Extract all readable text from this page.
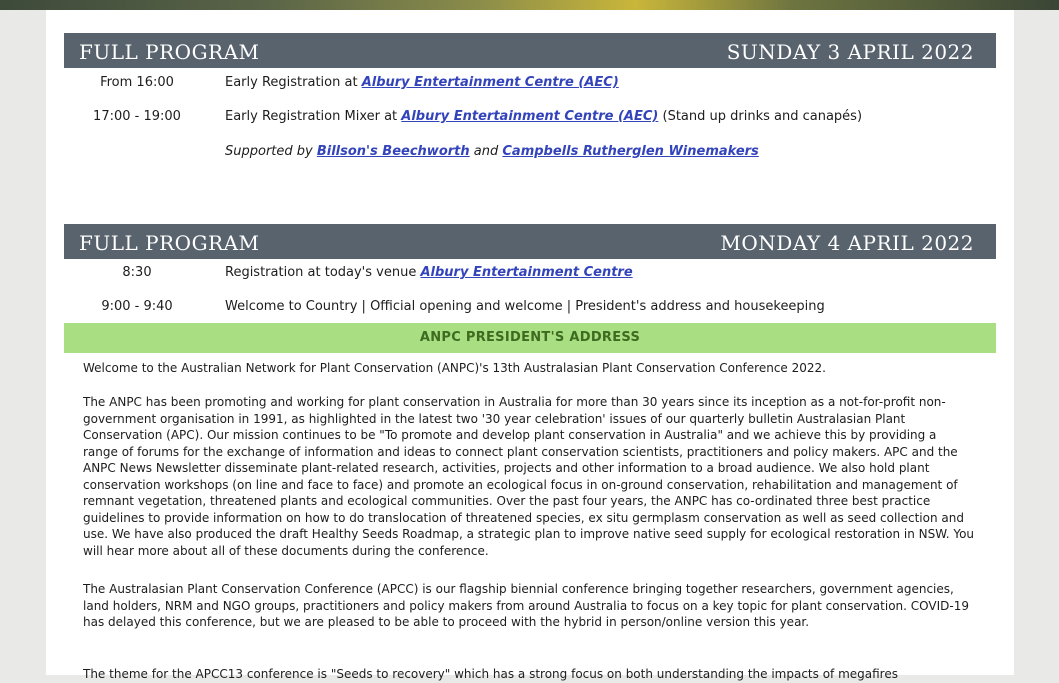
FULL PROGRAM	SUNDAY 3 APRIL 2022
From 16:00	Early Registration at Albury Entertainment Centre (AEC)
17:00 - 19:00	Early Registration Mixer at Albury Entertainment Centre (AEC) (Stand up drinks and canapés)
Supported by Billson's Beechworth and Campbells Rutherglen Winemakers
FULL PROGRAM	MONDAY 4 APRIL 2022
8:30	Registration at today's venue Albury Entertainment Centre
9:00 - 9:40	Welcome to Country | Official opening and welcome | President's address and housekeeping
ANPC PRESIDENT'S ADDRESS

Welcome to the Australian Network for Plant Conservation (ANPC)'s 13th Australasian Plant Conservation Conference 2022.

The ANPC has been promoting and working for plant conservation in Australia for more than 30 years since its inception as a not-for-profit non-government organisation in 1991, as highlighted in the latest two '30 year celebration' issues of our quarterly bulletin Australasian Plant Conservation (APC). Our mission continues to be "To promote and develop plant conservation in Australia" and we achieve this by providing a range of forums for the exchange of information and ideas to connect plant conservation scientists, practitioners and policy makers. APC and the ANPC News Newsletter disseminate plant-related research, activities, projects and other information to a broad audience. We also hold plant conservation workshops (on line and face to face) and promote an ecological focus in on-ground conservation, rehabilitation and management of remnant vegetation, threatened plants and ecological communities. Over the past four years, the ANPC has co-ordinated three best practice guidelines to provide information on how to do translocation of threatened species, ex situ germplasm conservation as well as seed collection and use. We have also produced the draft Healthy Seeds Roadmap, a strategic plan to improve native seed supply for ecological restoration in NSW. You will hear more about all of these documents during the conference.

The Australasian Plant Conservation Conference (APCC) is our flagship biennial conference bringing together researchers, government agencies, land holders, NRM and NGO groups, practitioners and policy makers from around Australia to focus on a key topic for plant conservation. COVID-19 has delayed this conference, but we are pleased to be able to proceed with the hybrid in person/online version this year.

The theme for the APCC13 conference is "Seeds to recovery" which has a strong focus on both understanding the impacts of megafires
